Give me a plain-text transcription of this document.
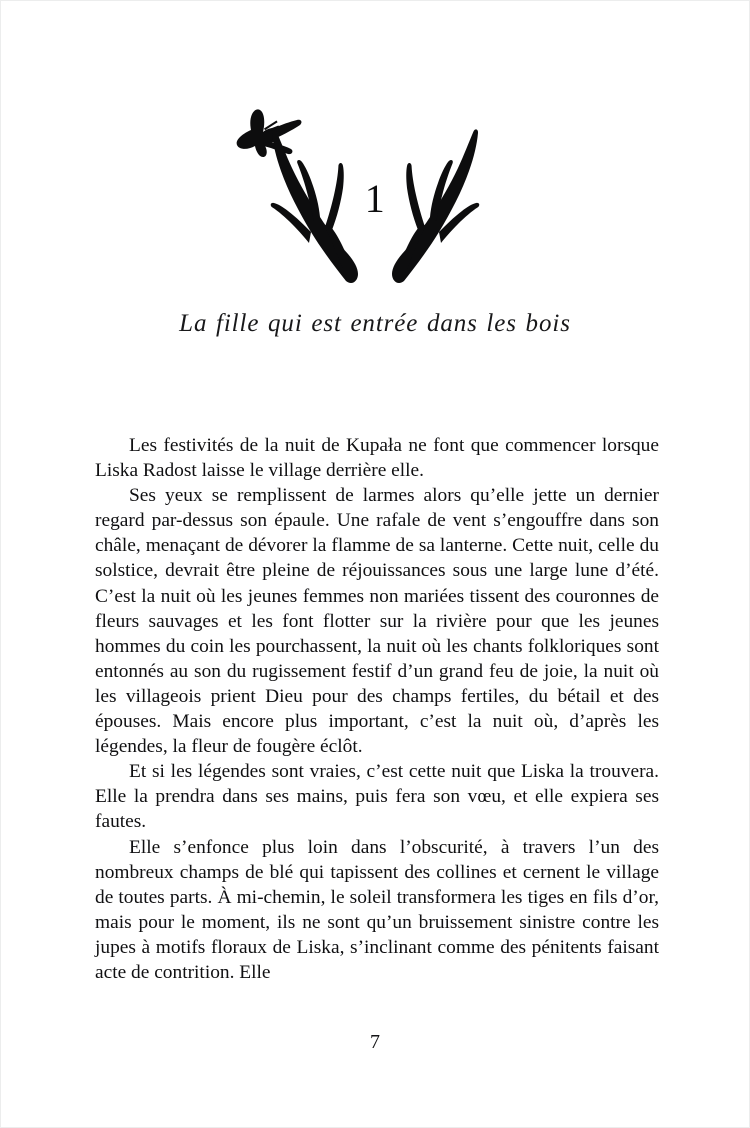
1
La fille qui est entrée dans les bois

Les festivités de la nuit de Kupała ne font que commencer lorsque Liska Radost laisse le village derrière elle.

Ses yeux se remplissent de larmes alors qu’elle jette un dernier regard par-dessus son épaule. Une rafale de vent s’engouffre dans son châle, menaçant de dévorer la flamme de sa lanterne. Cette nuit, celle du solstice, devrait être pleine de réjouissances sous une large lune d’été. C’est la nuit où les jeunes femmes non mariées tissent des couronnes de fleurs sauvages et les font flotter sur la rivière pour que les jeunes hommes du coin les pourchassent, la nuit où les chants folkloriques sont entonnés au son du rugissement festif d’un grand feu de joie, la nuit où les villageois prient Dieu pour des champs fertiles, du bétail et des épouses. Mais encore plus important, c’est la nuit où, d’après les légendes, la fleur de fougère éclôt.

Et si les légendes sont vraies, c’est cette nuit que Liska la trouvera. Elle la prendra dans ses mains, puis fera son vœu, et elle expiera ses fautes.

Elle s’enfonce plus loin dans l’obscurité, à travers l’un des nombreux champs de blé qui tapissent des collines et cernent le village de toutes parts. À mi-chemin, le soleil transformera les tiges en fils d’or, mais pour le moment, ils ne sont qu’un bruissement sinistre contre les jupes à motifs floraux de Liska, s’inclinant comme des pénitents faisant acte de contrition. Elle

7
